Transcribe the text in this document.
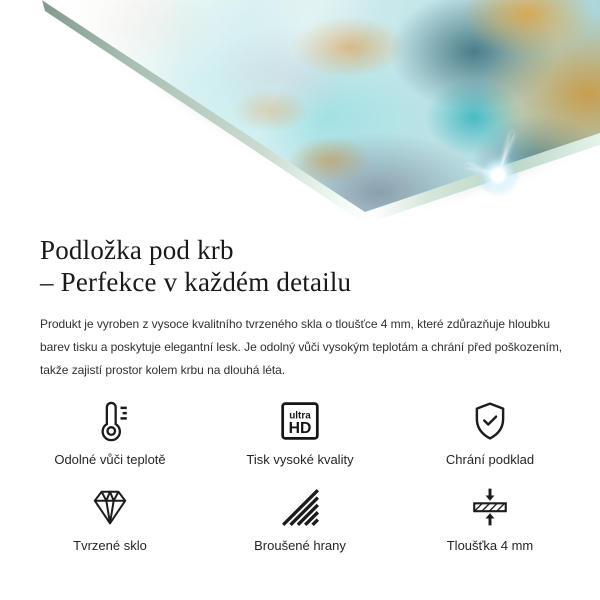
Podložka pod krb
– Perfekce v každém detailu
Produkt je vyroben z vysoce kvalitního tvrzeného skla o tloušťce 4 mm, které zdůrazňuje hloubku
barev tisku a poskytuje elegantní lesk. Je odolný vůči vysokým teplotám a chrání před poškozením,
takže zajistí prostor kolem krbu na dlouhá léta.
Odolné vůči teplotě
ultra
HD
Tisk vysoké kvality	Chrání podklad
Tvrzené sklo	Broušené hrany	Tloušťka 4 mm
